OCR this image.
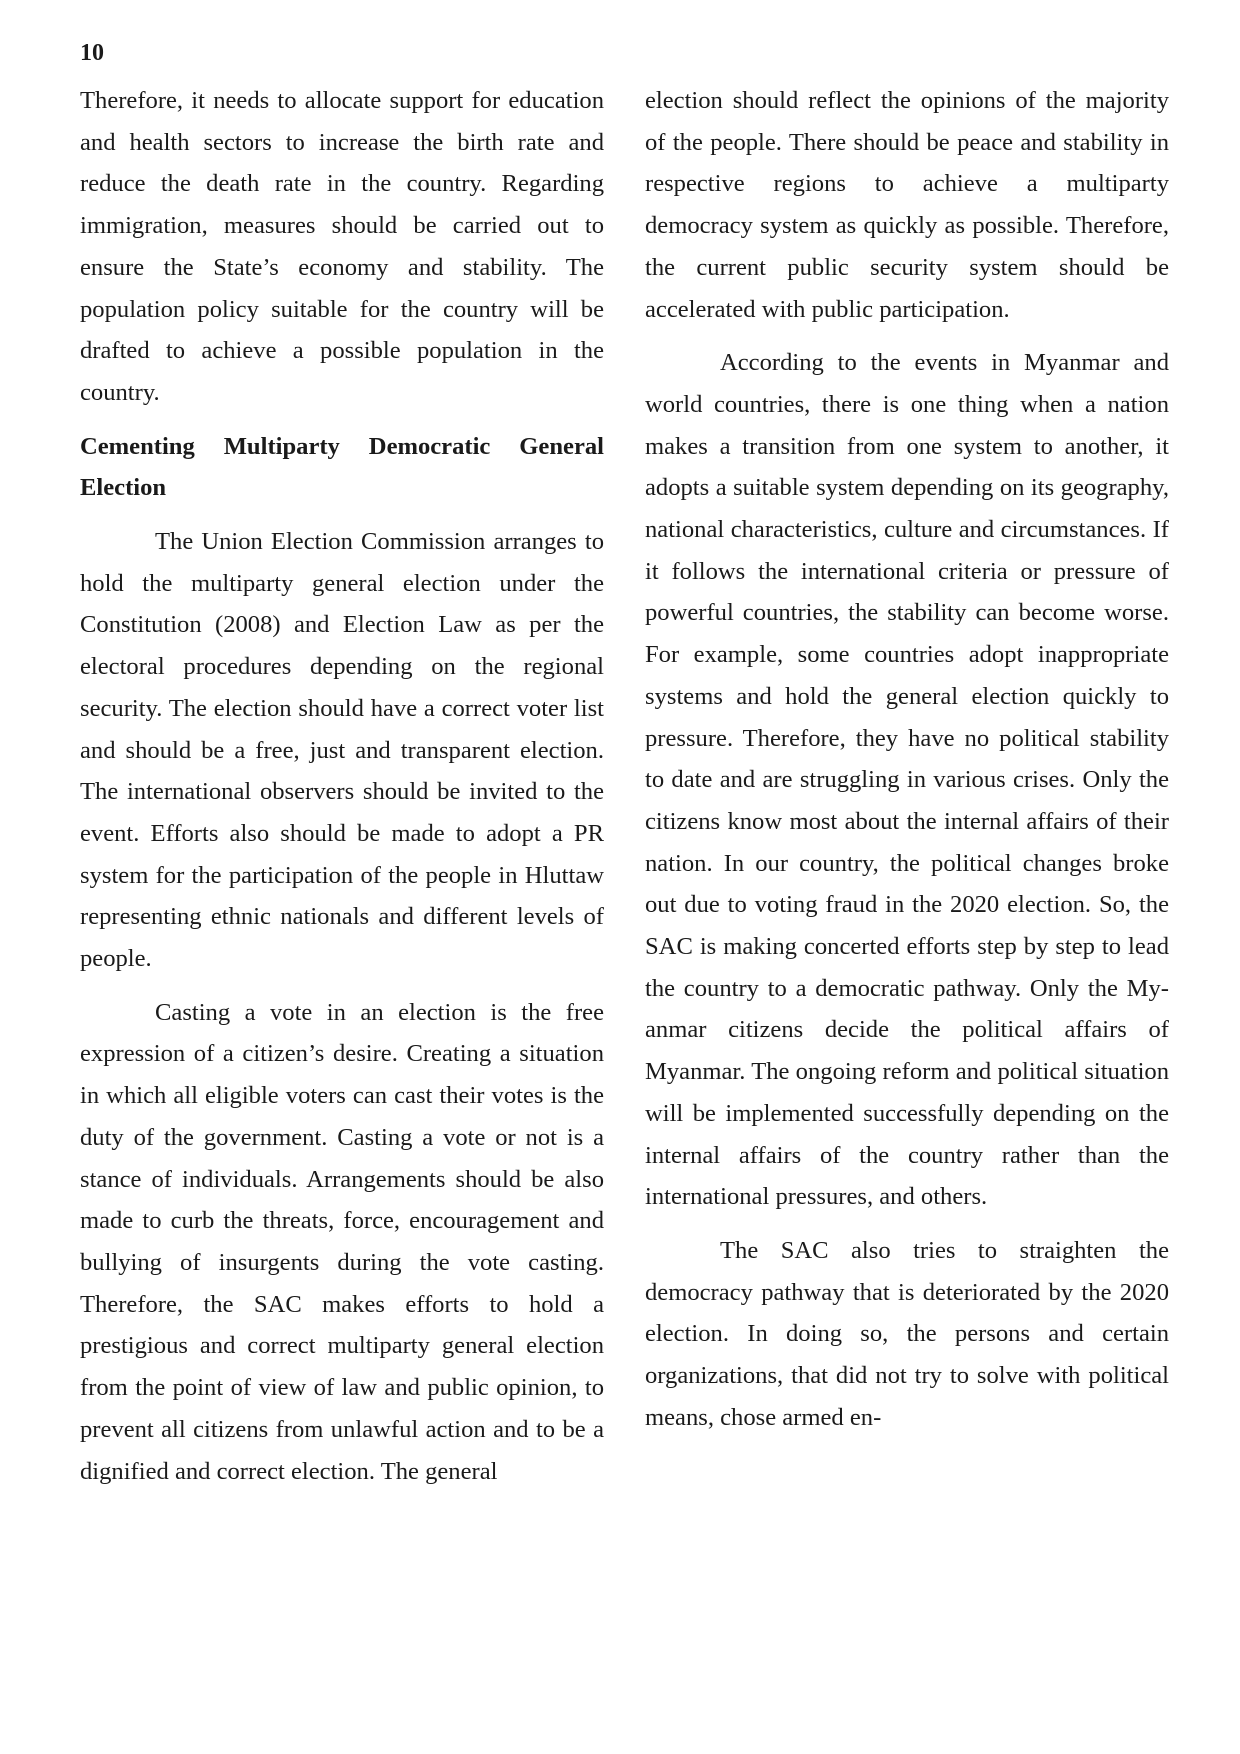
10

Therefore, it needs to allocate support for education and health sectors to increase the birth rate and reduce the death rate in the country. Regarding immigration, measures should be carried out to ensure the State’s economy and stability. The population policy suitable for the country will be drafted to achieve a possible population in the country.

Cementing Multiparty Democratic General Election

The Union Election Commission arranges to hold the multiparty general election under the Constitution (2008) and Election Law as per the electoral procedures depending on the regional security. The election should have a correct voter list and should be a free, just and transparent election. The international observers should be invited to the event. Efforts also should be made to adopt a PR system for the participation of the people in Hluttaw representing ethnic nationals and different levels of people.

Casting a vote in an election is the free expression of a citizen’s desire. Creating a situation in which all eligible voters can cast their votes is the duty of the government. Casting a vote or not is a stance of individuals. Arrangements should be also made to curb the threats, force, encouragement and bullying of insurgents during the vote casting. Therefore, the SAC makes efforts to hold a prestigious and correct multiparty general election from the point of view of law and public opinion, to prevent all citizens from unlawful action and to be a dignified and correct election. The general

election should reflect the opinions of the majority of the people. There should be peace and stability in respective regions to achieve a multiparty democracy system as quickly as possible. Therefore, the current public security system should be accelerated with public participation.

According to the events in Myanmar and world countries, there is one thing when a nation makes a transition from one system to another, it adopts a suitable system depending on its geography, national characteristics, culture and circumstances. If it follows the international criteria or pressure of powerful countries, the stability can become worse. For example, some countries adopt inappropriate systems and hold the general election quickly to pressure. Therefore, they have no political stability to date and are struggling in various crises. Only the citizens know most about the internal affairs of their nation. In our country, the political changes broke out due to voting fraud in the 2020 election. So, the SAC is making concerted efforts step by step to lead the country to a democratic pathway. Only the Myanmar citizens decide the political affairs of Myanmar. The ongoing reform and political situation will be implemented successfully depending on the internal affairs of the country rather than the international pressures, and others.

The SAC also tries to straighten the democracy pathway that is deteriorated by the 2020 election. In doing so, the persons and certain organizations, that did not try to solve with political means, chose armed en-
